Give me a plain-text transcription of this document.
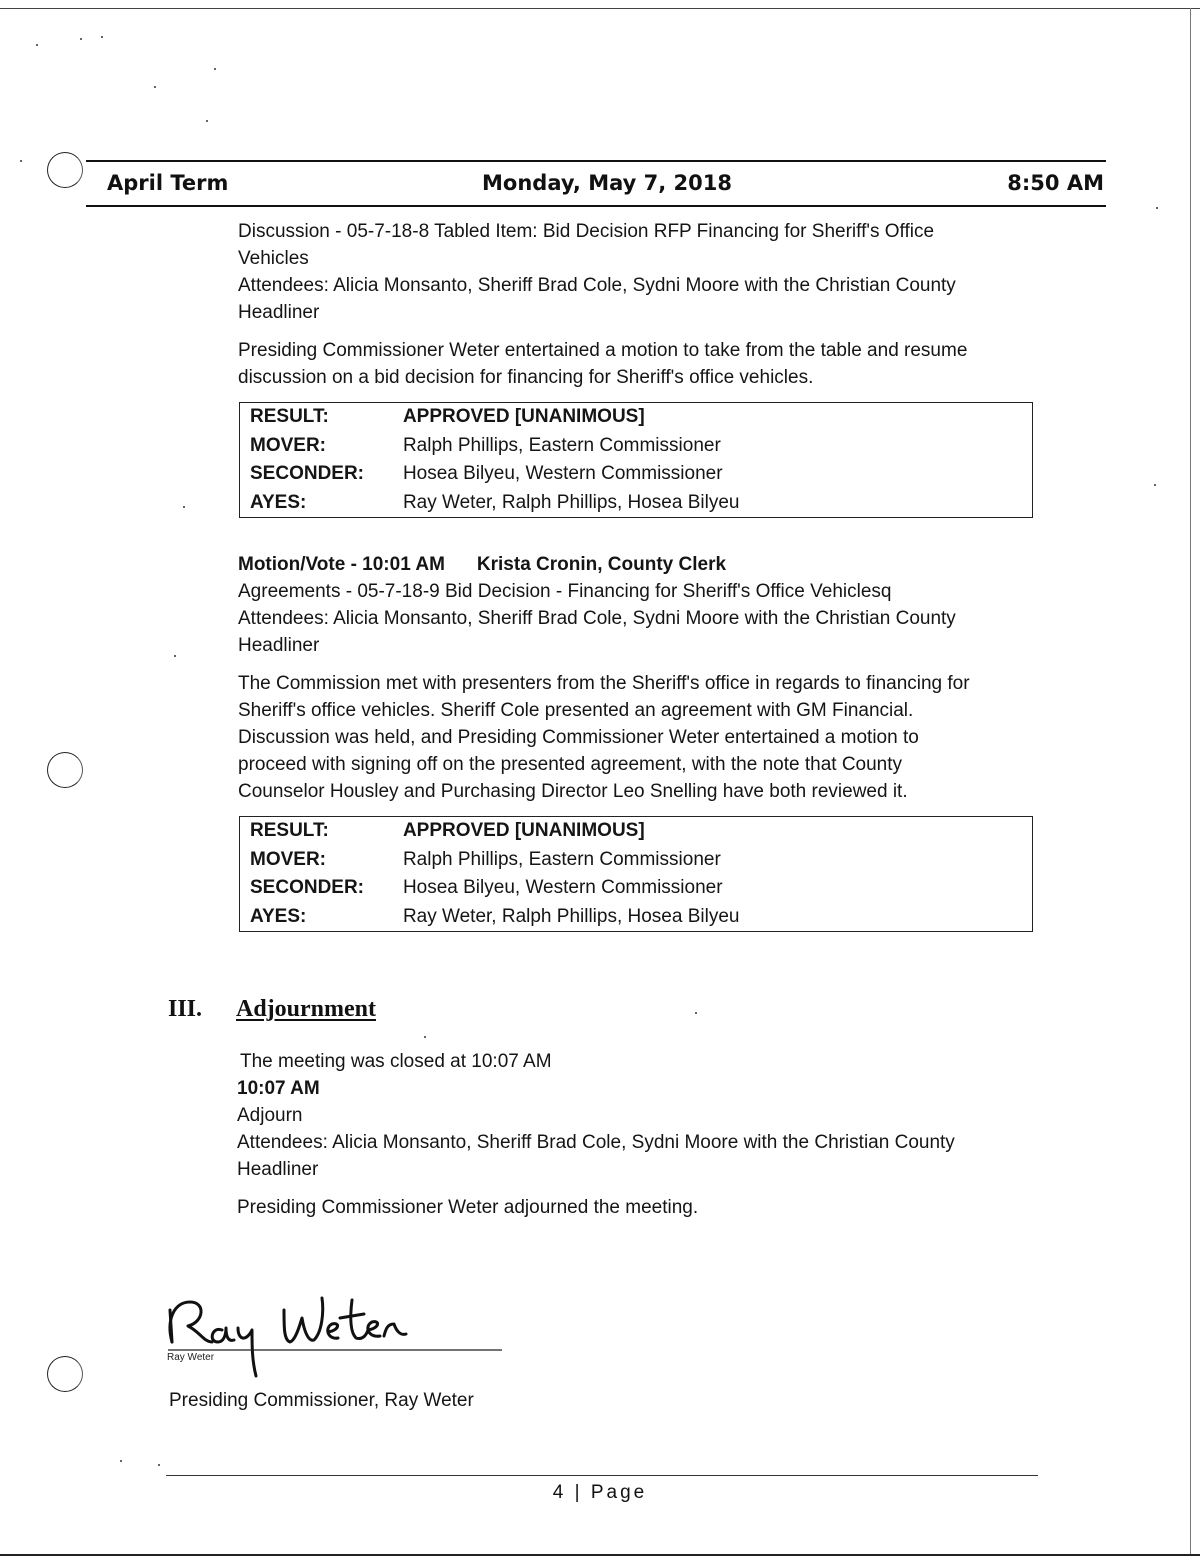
April Term	Monday, May 7, 2018	8:50 AM

Discussion - 05-7-18-8 Tabled Item: Bid Decision RFP Financing for Sheriff's Office

Vehicles

Attendees: Alicia Monsanto, Sheriff Brad Cole, Sydni Moore with the Christian County

Headliner

Presiding Commissioner Weter entertained a motion to take from the table and resume

discussion on a bid decision for financing for Sheriff's office vehicles.

RESULT:	APPROVED [UNANIMOUS]
MOVER:	Ralph Phillips, Eastern Commissioner
SECONDER:	Hosea Bilyeu, Western Commissioner
AYES:	Ray Weter, Ralph Phillips, Hosea Bilyeu

Motion/Vote - 10:01 AM Krista Cronin, County Clerk

Agreements - 05-7-18-9 Bid Decision - Financing for Sheriff's Office Vehiclesq

Attendees: Alicia Monsanto, Sheriff Brad Cole, Sydni Moore with the Christian County

Headliner

The Commission met with presenters from the Sheriff's office in regards to financing for

Sheriff's office vehicles. Sheriff Cole presented an agreement with GM Financial.

Discussion was held, and Presiding Commissioner Weter entertained a motion to

proceed with signing off on the presented agreement, with the note that County

Counselor Housley and Purchasing Director Leo Snelling have both reviewed it.

RESULT:	APPROVED [UNANIMOUS]
MOVER:	Ralph Phillips, Eastern Commissioner
SECONDER:	Hosea Bilyeu, Western Commissioner
AYES:	Ray Weter, Ralph Phillips, Hosea Bilyeu
III. Adjournment

The meeting was closed at 10:07 AM

10:07 AM

Adjourn

Attendees: Alicia Monsanto, Sheriff Brad Cole, Sydni Moore with the Christian County

Headliner

Presiding Commissioner Weter adjourned the meeting.

Ray Weter
Presiding Commissioner, Ray Weter
4 | Page
